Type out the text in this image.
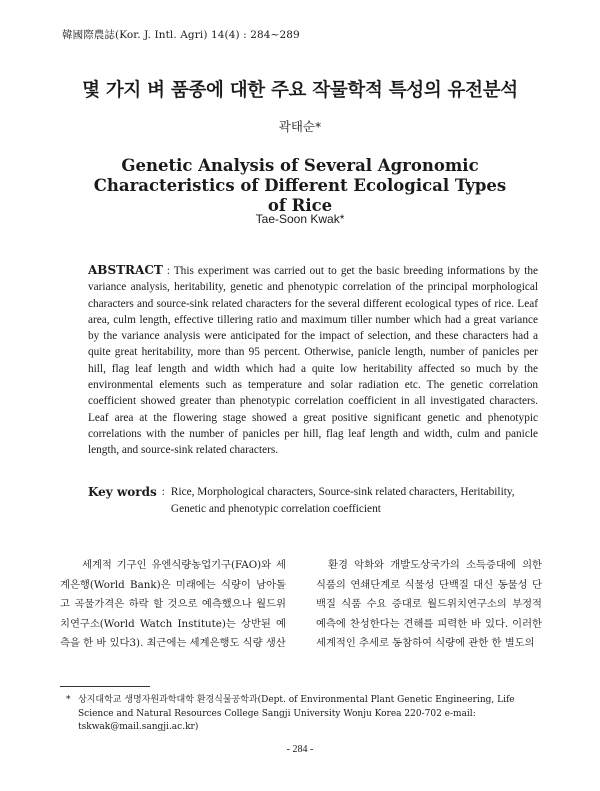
韓國際農誌(Kor. J. Intl. Agri) 14(4) : 284~289
몇 가지 벼 품종에 대한 주요 작물학적 특성의 유전분석
곽태순*
Genetic Analysis of Several Agronomic Characteristics of Different Ecological Types of Rice
Tae-Soon Kwak*
ABSTRACT : This experiment was carried out to get the basic breeding informations by the variance analysis, heritability, genetic and phenotypic correlation of the principal morphological characters and source-sink related characters for the several different ecological types of rice. Leaf area, culm length, effective tillering ratio and maximum tiller number which had a great variance by the variance analysis were anticipated for the impact of selection, and these characters had a quite great heritability, more than 95 percent. Otherwise, panicle length, number of panicles per hill, flag leaf length and width which had a quite low heritability affected so much by the environmental elements such as temperature and solar radiation etc. The genetic correlation coefficient showed greater than phenotypic correlation coefficient in all investigated characters. Leaf area at the flowering stage showed a great positive significant genetic and phenotypic correlations with the number of panicles per hill, flag leaf length and width, culm and panicle length, and source-sink related characters.
Key words : Rice, Morphological characters, Source-sink related characters, Heritability, Genetic and phenotypic correlation coefficient
세계적 기구인 유엔식량농업기구(FAO)와 세계은행(World Bank)은 미래에는 식량이 남아돌고 곡물가격은 하락 할 것으로 예측했으나 월드위치연구소(World Watch Institute)는 상반된 예측을 한 바 있다3). 최근에는 세계은행도 식량 생산
환경 악화와 개발도상국가의 소득증대에 의한 식품의 연쇄단계로 식물성 단백질 대신 동물성 단백질 식품 수요 증대로 월드위치연구소의 부정적 예측에 찬성한다는 견해를 피력한 바 있다. 이러한 세계적인 추세로 동참하여 식량에 관한 한 별도의
* 상지대학교 생명자원과학대학 환경식물공학과(Dept. of Environmental Plant Genetic Engineering, Life Science and Natural Resources College Sangji University Wonju Korea 220-702 e-mail: tskwak@mail.sangji.ac.kr)
- 284 -
